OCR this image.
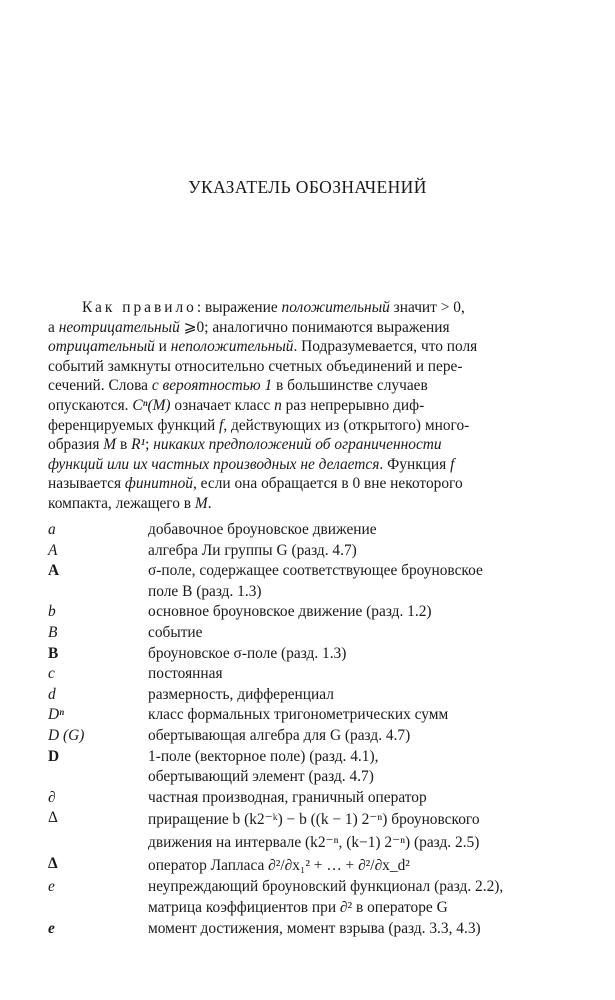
УКАЗАТЕЛЬ ОБОЗНАЧЕНИЙ
Как правило: выражение положительный значит > 0,
а неотрицательный ⩾0; аналогично понимаются выражения
отрицательный и неположительный. Подразумевается, что поля
событий замкнуты относительно счетных объединений и пере-
сечений. Слова с вероятностью 1 в большинстве случаев
опускаются. Cⁿ(M) означает класс n раз непрерывно диф-
ференцируемых функций f, действующих из (открытого) много-
образия M в R¹; никаких предположений об ограниченности
функций или их частных производных не делается. Функция f
называется финитной, если она обращается в 0 вне некоторого
компакта, лежащего в M.
a	добавочное броуновское движение
A	алгебра Ли группы G (разд. 4.7)
A	σ-поле, содержащее соответствующее броуновское
поле B (разд. 1.3)
b	основное броуновское движение (разд. 1.2)
B	событие
B	броуновское σ-поле (разд. 1.3)
c	постоянная
d	размерность, дифференциал
Dⁿ	класс формальных тригонометрических сумм
D (G)	обертывающая алгебра для G (разд. 4.7)
D	1-поле (векторное поле) (разд. 4.1),
обертывающий элемент (разд. 4.7)
∂	частная производная, граничный оператор
Δ	приращение b (k2⁻ᵏ) − b ((k − 1) 2⁻ⁿ) броуновского
движения на интервале (k2⁻ⁿ, (k−1) 2⁻ⁿ) (разд. 2.5)
Δ	оператор Лапласа ∂²/∂x₁² + … + ∂²/∂x_d²
e	неупреждающий броуновский функционал (разд. 2.2),
матрица коэффициентов при ∂² в операторе G
e	момент достижения, момент взрыва (разд. 3.3, 4.3)
